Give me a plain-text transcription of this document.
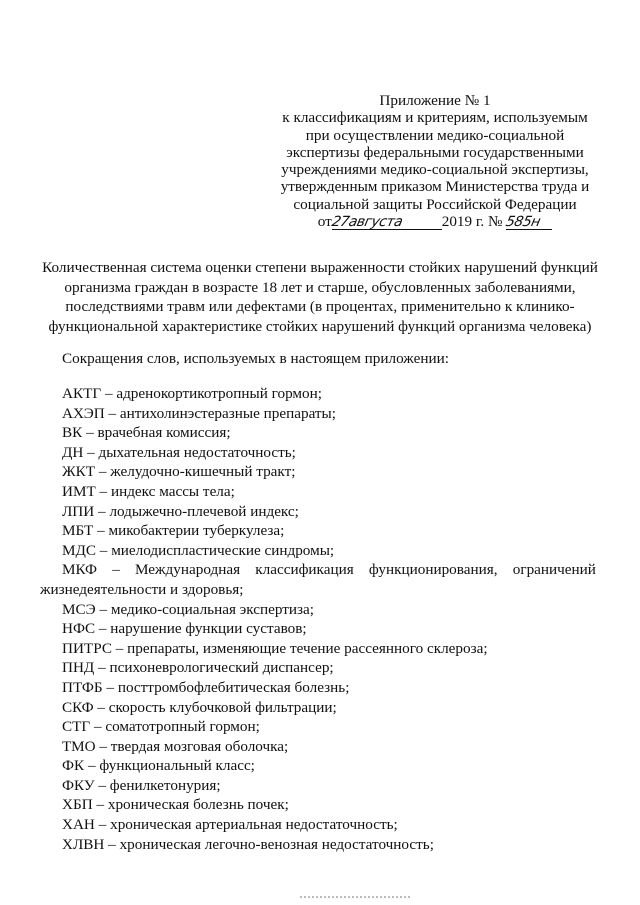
Приложение № 1
к классификациям и критериям, используемым
при осуществлении медико-социальной
экспертизы федеральными государственными
учреждениями медико-социальной экспертизы,
утвержденным приказом Министерства труда и
социальной защиты Российской Федерации
от27августа	2019 г. № 585н
Количественная система оценки степени выраженности стойких нарушений функций
организма граждан в возрасте 18 лет и старше, обусловленных заболеваниями,
последствиями травм или дефектами (в процентах, применительно к клинико-
функциональной характеристике стойких нарушений функций организма человека)
Сокращения слов, используемых в настоящем приложении:
АКТГ – адренокортикотропный гормон;
АХЭП – антихолинэстеразные препараты;
ВК – врачебная комиссия;
ДН – дыхательная недостаточность;
ЖКТ – желудочно-кишечный тракт;
ИМТ – индекс массы тела;
ЛПИ – лодыжечно-плечевой индекс;
МБТ – микобактерии туберкулеза;
МДС – миелодиспластические синдромы;
МКФ – Международная классификация функционирования, ограничений
жизнедеятельности и здоровья;
МСЭ – медико-социальная экспертиза;
НФС – нарушение функции суставов;
ПИТРС – препараты, изменяющие течение рассеянного склероза;
ПНД – психоневрологический диспансер;
ПТФБ – посттромбофлебитическая болезнь;
СКФ – скорость клубочковой фильтрации;
СТГ – соматотропный гормон;
ТМО – твердая мозговая оболочка;
ФК – функциональный класс;
ФКУ – фенилкетонурия;
ХБП – хроническая болезнь почек;
ХАН – хроническая артериальная недостаточность;
ХЛВН – хроническая легочно-венозная недостаточность;
